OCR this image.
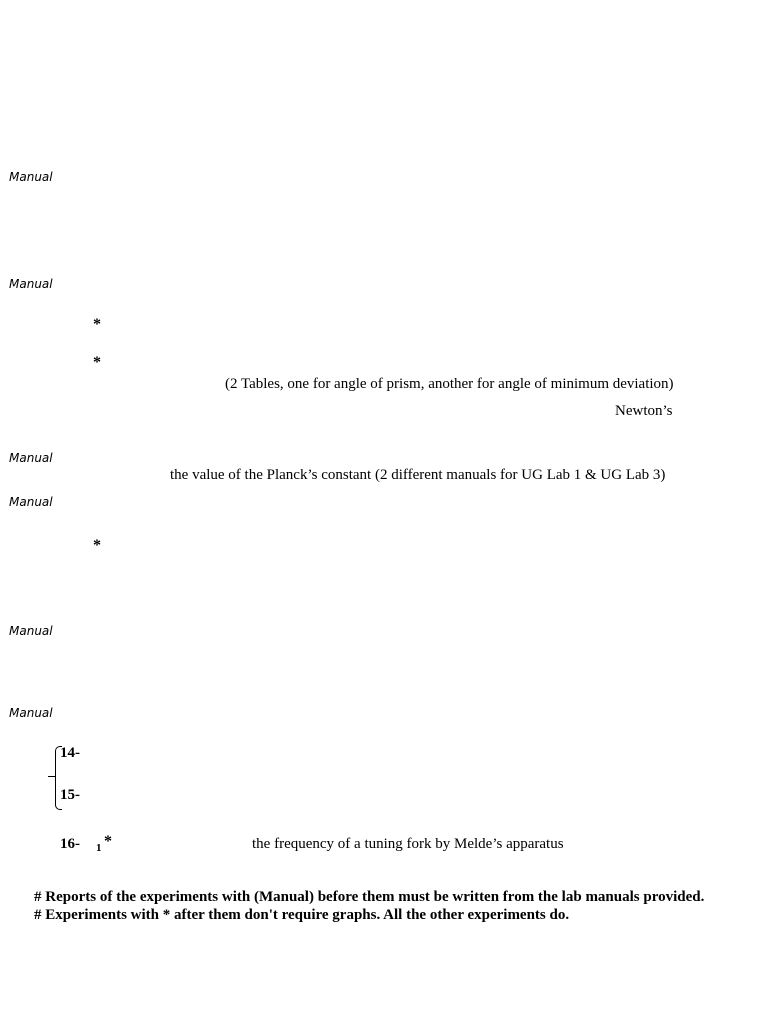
Manual
Manual
Manual
Manual
Manual
Manual
*
*
*
(2 Tables, one for angle of prism, another for angle of minimum deviation)
Newton’s
the value of the Planck’s constant (2 different manuals for UG Lab 1 & UG Lab 3)
14-
15-
16- 1 *	the frequency of a tuning fork by Melde’s apparatus
# Reports of the experiments with (Manual) before them must be written from the lab manuals provided.
# Experiments with * after them don't require graphs. All the other experiments do.
